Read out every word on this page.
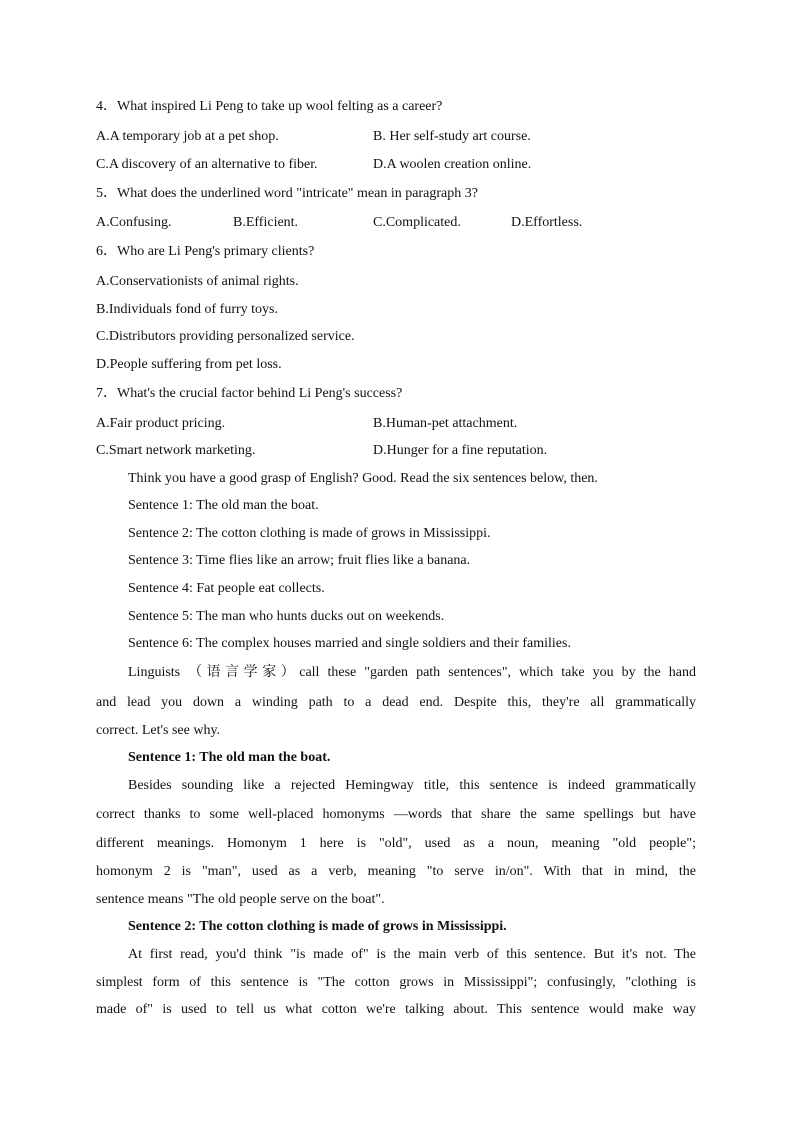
4．What inspired Li Peng to take up wool felting as a career?
A.A temporary job at a pet shop.	B. Her self-study art course.
C.A discovery of an alternative to fiber.	D.A woolen creation online.
5．What does the underlined word "intricate" mean in paragraph 3?
A.Confusing.	B.Efficient.	C.Complicated.	D.Effortless.
6．Who are Li Peng's primary clients?
A.Conservationists of animal rights.
B.Individuals fond of furry toys.
C.Distributors providing personalized service.
D.People suffering from pet loss.
7．What's the crucial factor behind Li Peng's success?
A.Fair product pricing.	B.Human-pet attachment.
C.Smart network marketing.	D.Hunger for a fine reputation.
Think you have a good grasp of English? Good. Read the six sentences below, then.
Sentence 1: The old man the boat.
Sentence 2: The cotton clothing is made of grows in Mississippi.
Sentence 3: Time flies like an arrow; fruit flies like a banana.
Sentence 4: Fat people eat collects.
Sentence 5: The man who hunts ducks out on weekends.
Sentence 6: The complex houses married and single soldiers and their families.
Linguists （语言学家）call these "garden path sentences", which take you by the hand
and lead you down a winding path to a dead end. Despite this, they're all grammatically
correct. Let's see why.
Sentence 1: The old man the boat.
Besides sounding like a rejected Hemingway title, this sentence is indeed grammatically
correct thanks to some well-placed homonyms —words that share the same spellings but have
different meanings. Homonym 1 here is "old", used as a noun, meaning "old people";
homonym 2 is "man", used as a verb, meaning "to serve in/on". With that in mind, the
sentence means "The old people serve on the boat".
Sentence 2: The cotton clothing is made of grows in Mississippi.
At first read, you'd think "is made of" is the main verb of this sentence. But it's not. The
simplest form of this sentence is "The cotton grows in Mississippi"; confusingly, "clothing is
made of" is used to tell us what cotton we're talking about. This sentence would make way
